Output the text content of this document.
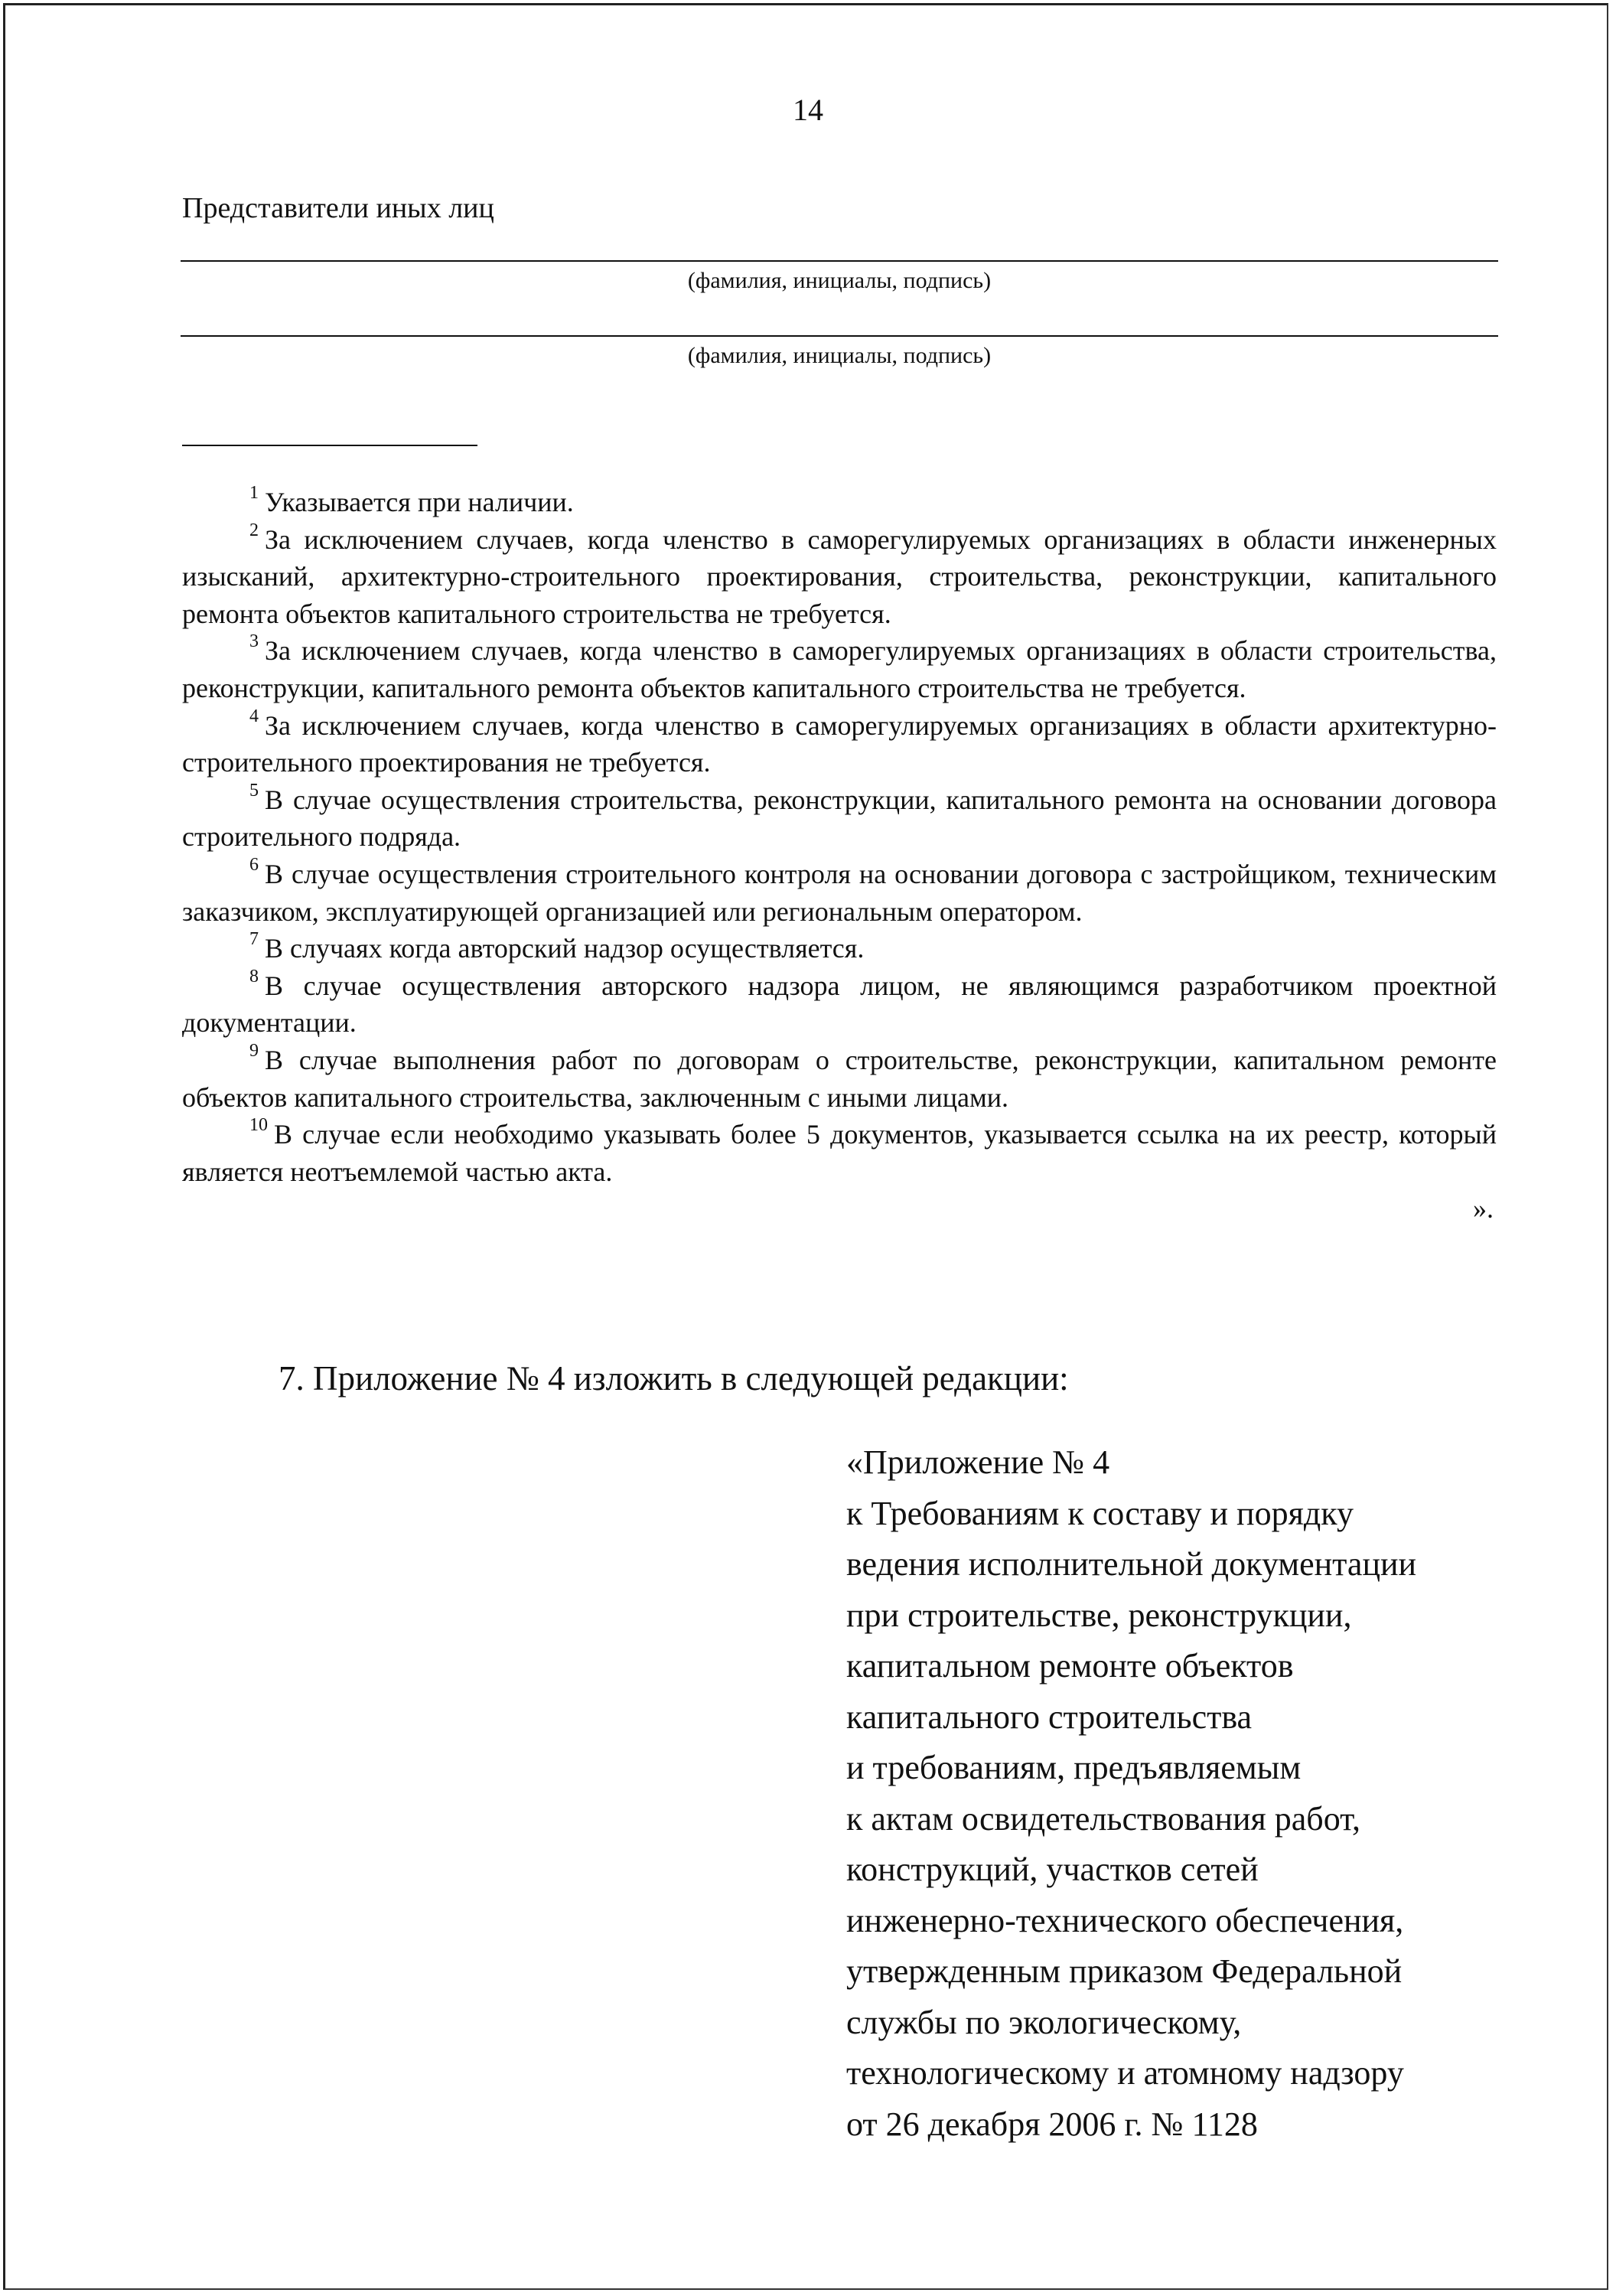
14
Представители иных лиц
(фамилия, инициалы, подпись)
(фамилия, инициалы, подпись)

$^1$ Указывается при наличии.

$^2$ За исключением случаев, когда членство в саморегулируемых организациях в области инженерных изысканий, архитектурно-строительного проектирования, строительства, реконструкции, капитального ремонта объектов капитального строительства не требуется.

$^3$ За исключением случаев, когда членство в саморегулируемых организациях в области строительства, реконструкции, капитального ремонта объектов капитального строительства не требуется.

$^4$ За исключением случаев, когда членство в саморегулируемых организациях в области архитектурно-строительного проектирования не требуется.

$^5$ В случае осуществления строительства, реконструкции, капитального ремонта на основании договора строительного подряда.

$^6$ В случае осуществления строительного контроля на основании договора с застройщиком, техническим заказчиком, эксплуатирующей организацией или региональным оператором.

$^7$ В случаях когда авторский надзор осуществляется.

$^8$ В случае осуществления авторского надзора лицом, не являющимся разработчиком проектной документации.

$^9$ В случае выполнения работ по договорам о строительстве, реконструкции, капитальном ремонте объектов капитального строительства, заключенным с иными лицами.

$^{10}$ В случае если необходимо указывать более 5 документов, указывается ссылка на их реестр, который является неотъемлемой частью акта.

».

7. Приложение № 4 изложить в следующей редакции:
«Приложение № 4
к Требованиям к составу и порядку
ведения исполнительной документации
при строительстве, реконструкции,
капитальном ремонте объектов
капитального строительства
и требованиям, предъявляемым
к актам освидетельствования работ,
конструкций, участков сетей
инженерно-технического обеспечения,
утвержденным приказом Федеральной
службы по экологическому,
технологическому и атомному надзору
от 26 декабря 2006 г. № 1128
